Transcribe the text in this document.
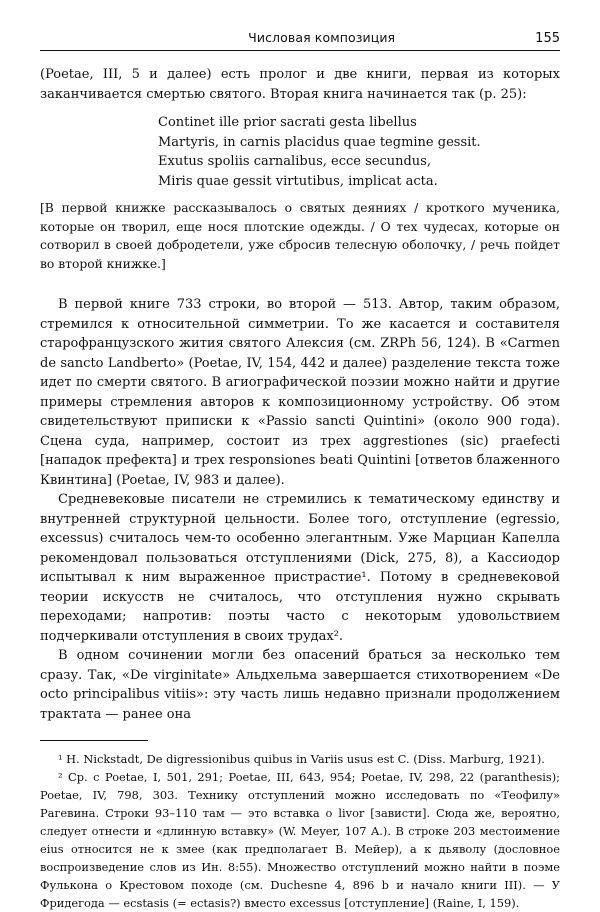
Числовая композиция	155

(Poetae, III, 5 и далее) есть пролог и две книги, первая из которых заканчивается смертью святого. Вторая книга начинается так (р. 25):

Continet ille prior sacrati gesta libellus
Martyris, in carnis placidus quae tegmine gessit.
Exutus spoliis carnalibus, ecce secundus,
Miris quae gessit virtutibus, implicat acta.

[В первой книжке рассказывалось о святых деяниях / кроткого мученика, которые он творил, еще нося плотские одежды. / О тех чудесах, которые он сотворил в своей добродетели, уже сбросив телесную оболочку, / речь пойдет во второй книжке.]

В первой книге 733 строки, во второй — 513. Автор, таким образом, стремился к относительной симметрии. То же касается и составителя старофранцузского жития святого Алексия (см. ZRPh 56, 124). В «Carmen de sancto Landberto» (Poetae, IV, 154, 442 и далее) разделение текста тоже идет по смерти святого. В агиографической поэзии можно найти и другие примеры стремления авторов к композиционному устройству. Об этом свидетельствуют приписки к «Passio sancti Quintini» (около 900 года). Сцена суда, например, состоит из трех aggrestiones (sic) praefecti [нападок префекта] и трех responsiones beati Quintini [ответов блаженного Квинтина] (Poetae, IV, 983 и далее).

Средневековые писатели не стремились к тематическому единству и внутренней структурной цельности. Более того, отступление (egressio, excessus) считалось чем-то особенно элегантным. Уже Марциан Капелла рекомендовал пользоваться отступлениями (Dick, 275, 8), а Кассиодор испытывал к ним выраженное пристрастие¹. Потому в средневековой теории искусств не считалось, что отступления нужно скрывать переходами; напротив: поэты часто с некоторым удовольствием подчеркивали отступления в своих трудах².

В одном сочинении могли без опасений браться за несколько тем сразу. Так, «De virginitate» Альдхельма завершается стихотворением «De octo principalibus vitiis»: эту часть лишь недавно признали продолжением трактата — ранее она

¹ H. Nickstadt, De digressionibus quibus in Variis usus est C. (Diss. Marburg, 1921).

² Ср. с Poetae, I, 501, 291; Poetae, III, 643, 954; Poetae, IV, 298, 22 (paranthesis); Poetae, IV, 798, 303. Технику отступлений можно исследовать по «Теофилу» Рагевина. Строки 93–110 там — это вставка о livor [зависти]. Сюда же, вероятно, следует отнести и «длинную вставку» (W. Meyer, 107 A.). В строке 203 местоимение eius относится не к змее (как предполагает В. Мейер), а к дьяволу (дословное воспроизведение слов из Ин. 8:55). Множество отступлений можно найти в поэме Фулькона о Крестовом походе (см. Duchesne 4, 896 b и начало книги III). — У Фридегода — ecstasis (= ectasis?) вместо excessus [отступление] (Raine, I, 159).
